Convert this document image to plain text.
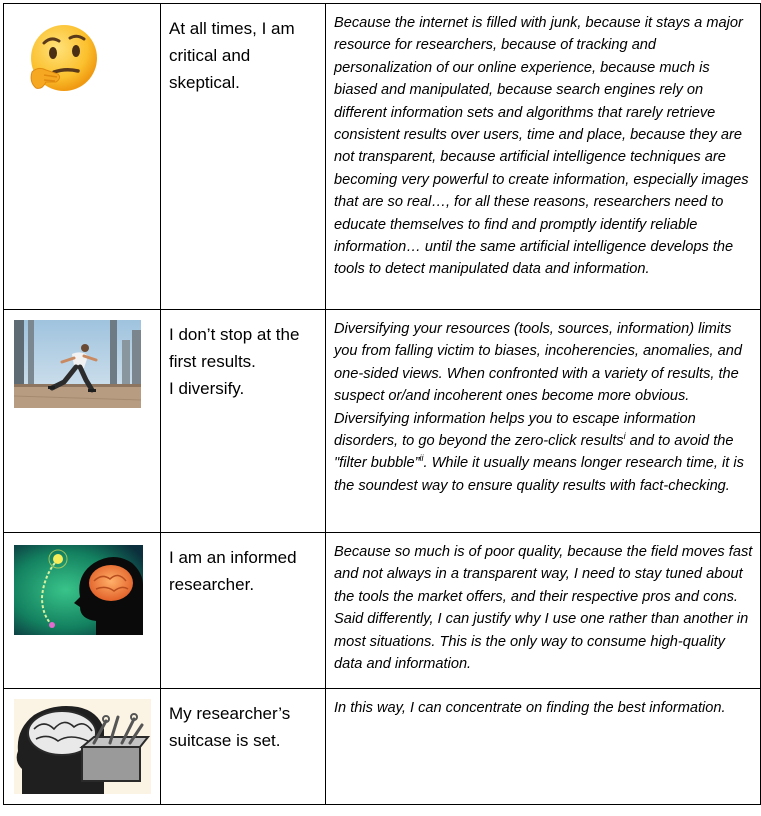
At all times, I am critical and skeptical.	Because the internet is filled with junk, because it stays a major resource for researchers, because of tracking and personalization of our online experience, because much is biased and manipulated, because search engines rely on different information sets and algorithms that rarely retrieve consistent results over users, time and place, because they are not transparent, because artificial intelligence techniques are becoming very powerful to create information, especially images that are so real…, for all these reasons, researchers need to educate themselves to find and promptly identify reliable information… until the same artificial intelligence develops the tools to detect manipulated data and information.

I don’t stop at the first results.
I diversify.	Diversifying your resources (tools, sources, information) limits you from falling victim to biases, incoherencies, anomalies, and one-sided views. When confronted with a variety of results, the suspect or/and incoherent ones become more obvious. Diversifying information helps you to escape information disorders, to go beyond the zero-click results$^i$ and to avoid the "filter bubble”$^{ii}$. While it usually means longer research time, it is the soundest way to ensure quality results with fact-checking.

I am an informed researcher.	Because so much is of poor quality, because the field moves fast and not always in a transparent way, I need to stay tuned about the tools the market offers, and their respective pros and cons. Said differently, I can justify why I use one rather than another in most situations. This is the only way to consume high-quality data and information.

My researcher’s suitcase is set.	In this way, I can concentrate on finding the best information.
